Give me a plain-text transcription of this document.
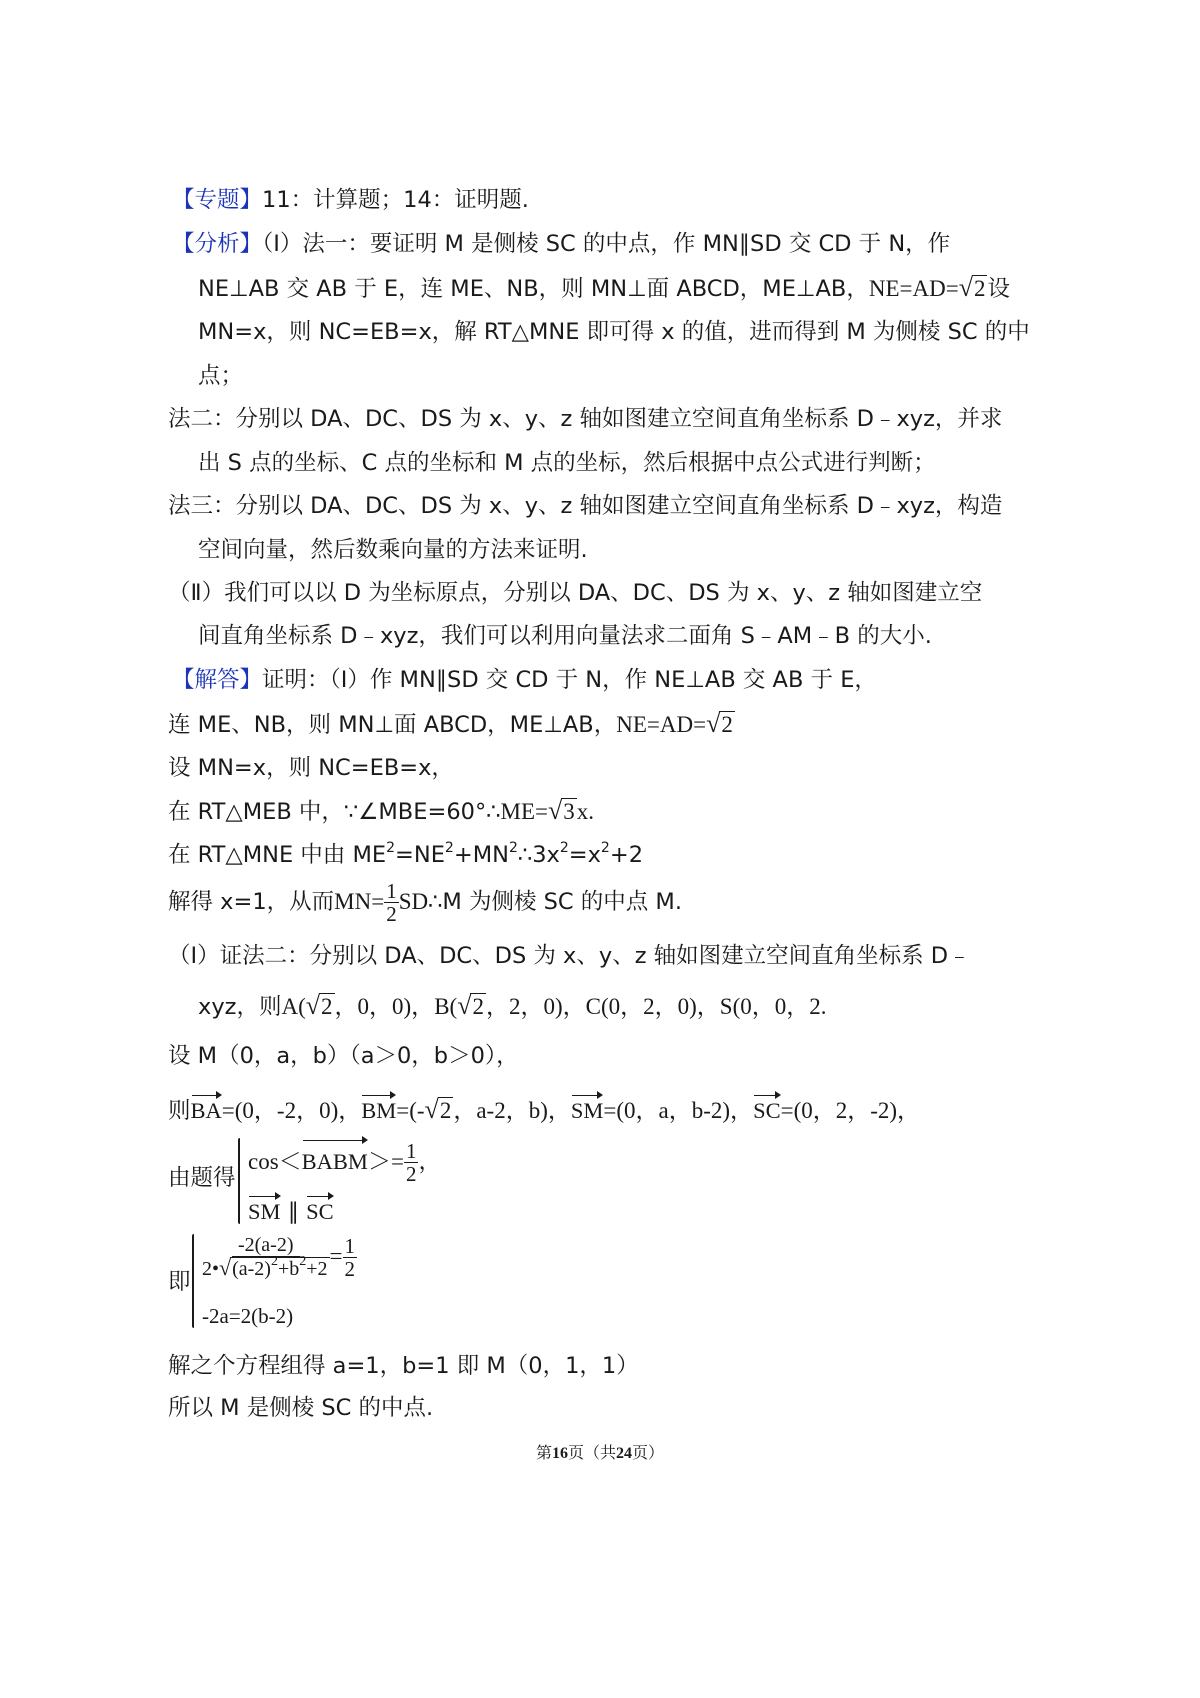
【专题】11：计算题；14：证明题.
【分析】（Ⅰ）法一：要证明 M 是侧棱 SC 的中点，作 MN∥SD 交 CD 于 N，作
NE⊥AB 交 AB 于 E，连 ME、NB，则 MN⊥面 ABCD，ME⊥AB，NE=AD=√2设
MN=x，则 NC=EB=x，解 RT△MNE 即可得 x 的值，进而得到 M 为侧棱 SC 的中
点；
法二：分别以 DA、DC、DS 为 x、y、z 轴如图建立空间直角坐标系 D﹣xyz，并求
出 S 点的坐标、C 点的坐标和 M 点的坐标，然后根据中点公式进行判断；
法三：分别以 DA、DC、DS 为 x、y、z 轴如图建立空间直角坐标系 D﹣xyz，构造
空间向量，然后数乘向量的方法来证明.
（Ⅱ）我们可以以 D 为坐标原点，分别以 DA、DC、DS 为 x、y、z 轴如图建立空
间直角坐标系 D﹣xyz，我们可以利用向量法求二面角 S﹣AM﹣B 的大小.
【解答】证明：（Ⅰ）作 MN∥SD 交 CD 于 N，作 NE⊥AB 交 AB 于 E，
连 ME、NB，则 MN⊥面 ABCD，ME⊥AB，NE=AD=√2
设 MN=x，则 NC=EB=x，
在 RT△MEB 中，∵∠MBE=60°∴ME=√3x.
在 RT△MNE 中由 $ME^2=NE^2+MN^2\therefore 3x^2=x^2+2$
解得 x=1，从而$MN= \frac{1}{2}$ SD∴M 为侧棱 SC 的中点 M.
（Ⅰ）证法二：分别以 DA、DC、DS 为 x、y、z 轴如图建立空间直角坐标系 D﹣
xyz，则A(√2，0，0)，B(√2，2，0)，C(0，2，0)，S(0，0，2.
设 M（0，a，b）（a＞0，b＞0），
则BA=(0，-2，0)，BM=(-√2，a-2，b)，SM=(0，a，b-2)，SC=(0，2，-2)，
由题得
cos＜BABM＞= $\frac{1}{2}$ ，
SM ∥ SC
即
$\frac{-2(a-2)}{2•√(a-2)^2+b^2+2} = \frac{1}{2}$
-2a=2(b-2)
解之个方程组得 a=1，b=1 即 M（0，1，1）
所以 M 是侧棱 SC 的中点.
第16页（共24页）
